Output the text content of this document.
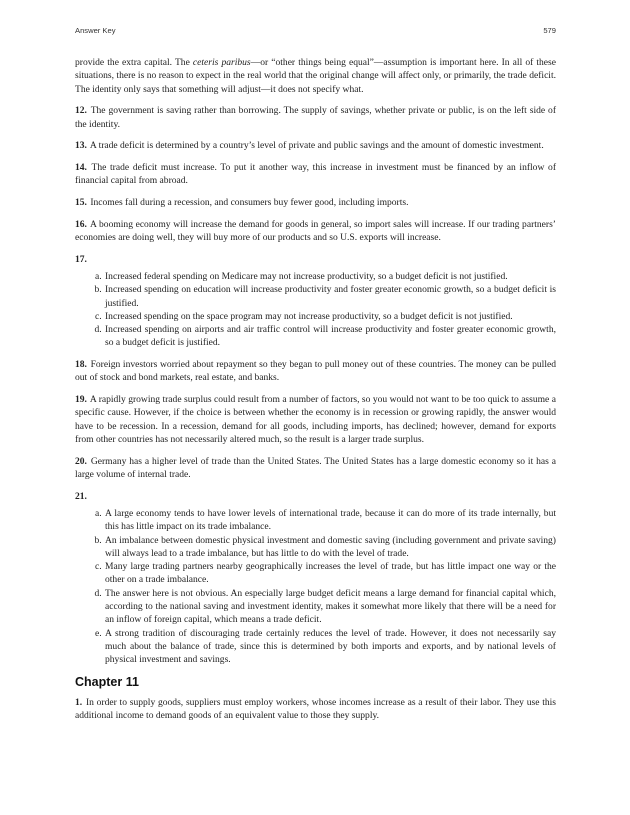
Answer Key	579

provide the extra capital. The ceteris paribus—or “other things being equal”—assumption is important here. In all of these situations, there is no reason to expect in the real world that the original change will affect only, or primarily, the trade deficit. The identity only says that something will adjust—it does not specify what.

12. The government is saving rather than borrowing. The supply of savings, whether private or public, is on the left side of the identity.

13. A trade deficit is determined by a country’s level of private and public savings and the amount of domestic investment.

14. The trade deficit must increase. To put it another way, this increase in investment must be financed by an inflow of financial capital from abroad.

15. Incomes fall during a recession, and consumers buy fewer good, including imports.

16. A booming economy will increase the demand for goods in general, so import sales will increase. If our trading partners’ economies are doing well, they will buy more of our products and so U.S. exports will increase.

17.

a. Increased federal spending on Medicare may not increase productivity, so a budget deficit is not justified.
b. Increased spending on education will increase productivity and foster greater economic growth, so a budget deficit is justified.
c. Increased spending on the space program may not increase productivity, so a budget deficit is not justified.
d. Increased spending on airports and air traffic control will increase productivity and foster greater economic growth, so a budget deficit is justified.

18. Foreign investors worried about repayment so they began to pull money out of these countries. The money can be pulled out of stock and bond markets, real estate, and banks.

19. A rapidly growing trade surplus could result from a number of factors, so you would not want to be too quick to assume a specific cause. However, if the choice is between whether the economy is in recession or growing rapidly, the answer would have to be recession. In a recession, demand for all goods, including imports, has declined; however, demand for exports from other countries has not necessarily altered much, so the result is a larger trade surplus.

20. Germany has a higher level of trade than the United States. The United States has a large domestic economy so it has a large volume of internal trade.

21.

a. A large economy tends to have lower levels of international trade, because it can do more of its trade internally, but this has little impact on its trade imbalance.
b. An imbalance between domestic physical investment and domestic saving (including government and private saving) will always lead to a trade imbalance, but has little to do with the level of trade.
c. Many large trading partners nearby geographically increases the level of trade, but has little impact one way or the other on a trade imbalance.
d. The answer here is not obvious. An especially large budget deficit means a large demand for financial capital which, according to the national saving and investment identity, makes it somewhat more likely that there will be a need for an inflow of foreign capital, which means a trade deficit.
e. A strong tradition of discouraging trade certainly reduces the level of trade. However, it does not necessarily say much about the balance of trade, since this is determined by both imports and exports, and by national levels of physical investment and savings.
Chapter 11

1. In order to supply goods, suppliers must employ workers, whose incomes increase as a result of their labor. They use this additional income to demand goods of an equivalent value to those they supply.
